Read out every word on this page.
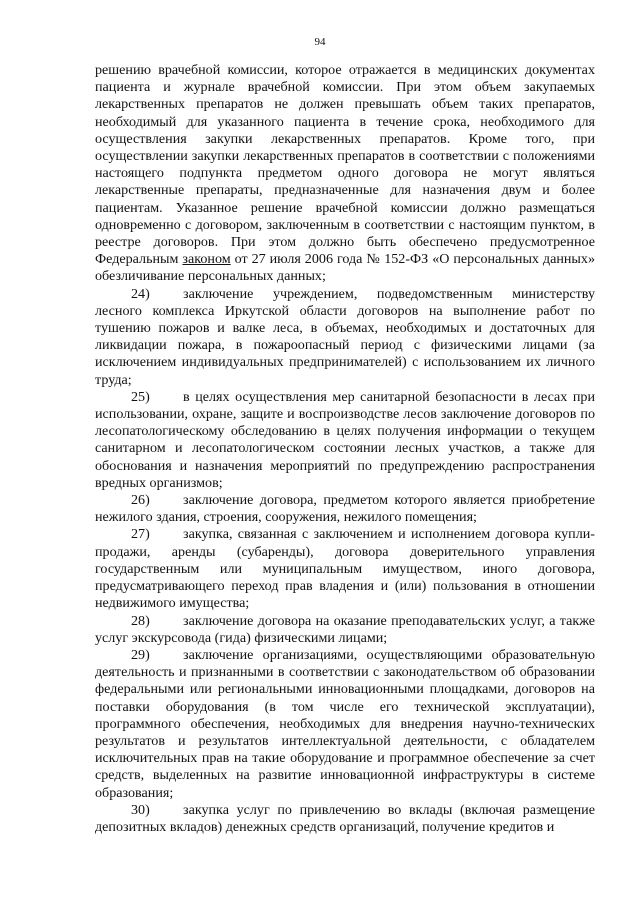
94

решению врачебной комиссии, которое отражается в медицинских документах пациента и журнале врачебной комиссии. При этом объем закупаемых лекарственных препаратов не должен превышать объем таких препаратов, необходимый для указанного пациента в течение срока, необходимого для осуществления закупки лекарственных препаратов. Кроме того, при осуществлении закупки лекарственных препаратов в соответствии с положениями настоящего подпункта предметом одного договора не могут являться лекарственные препараты, предназначенные для назначения двум и более пациентам. Указанное решение врачебной комиссии должно размещаться одновременно с договором, заключенным в соответствии с настоящим пунктом, в реестре договоров. При этом должно быть обеспечено предусмотренное Федеральным законом от 27 июля 2006 года № 152-ФЗ «О персональных данных» обезличивание персональных данных;

24) заключение учреждением, подведомственным министерству лесного комплекса Иркутской области договоров на выполнение работ по тушению пожаров и валке леса, в объемах, необходимых и достаточных для ликвидации пожара, в пожароопасный период с физическими лицами (за исключением индивидуальных предпринимателей) с использованием их личного труда;

25) в целях осуществления мер санитарной безопасности в лесах при использовании, охране, защите и воспроизводстве лесов заключение договоров по лесопатологическому обследованию в целях получения информации о текущем санитарном и лесопатологическом состоянии лесных участков, а также для обоснования и назначения мероприятий по предупреждению распространения вредных организмов;

26) заключение договора, предметом которого является приобретение нежилого здания, строения, сооружения, нежилого помещения;

27) закупка, связанная с заключением и исполнением договора купли-продажи, аренды (субаренды), договора доверительного управления государственным или муниципальным имуществом, иного договора, предусматривающего переход прав владения и (или) пользования в отношении недвижимого имущества;

28) заключение договора на оказание преподавательских услуг, а также услуг экскурсовода (гида) физическими лицами;

29) заключение организациями, осуществляющими образовательную деятельность и признанными в соответствии с законодательством об образовании федеральными или региональными инновационными площадками, договоров на поставки оборудования (в том числе его технической эксплуатации), программного обеспечения, необходимых для внедрения научно-технических результатов и результатов интеллектуальной деятельности, с обладателем исключительных прав на такие оборудование и программное обеспечение за счет средств, выделенных на развитие инновационной инфраструктуры в системе образования;

30) закупка услуг по привлечению во вклады (включая размещение депозитных вкладов) денежных средств организаций, получение кредитов и
